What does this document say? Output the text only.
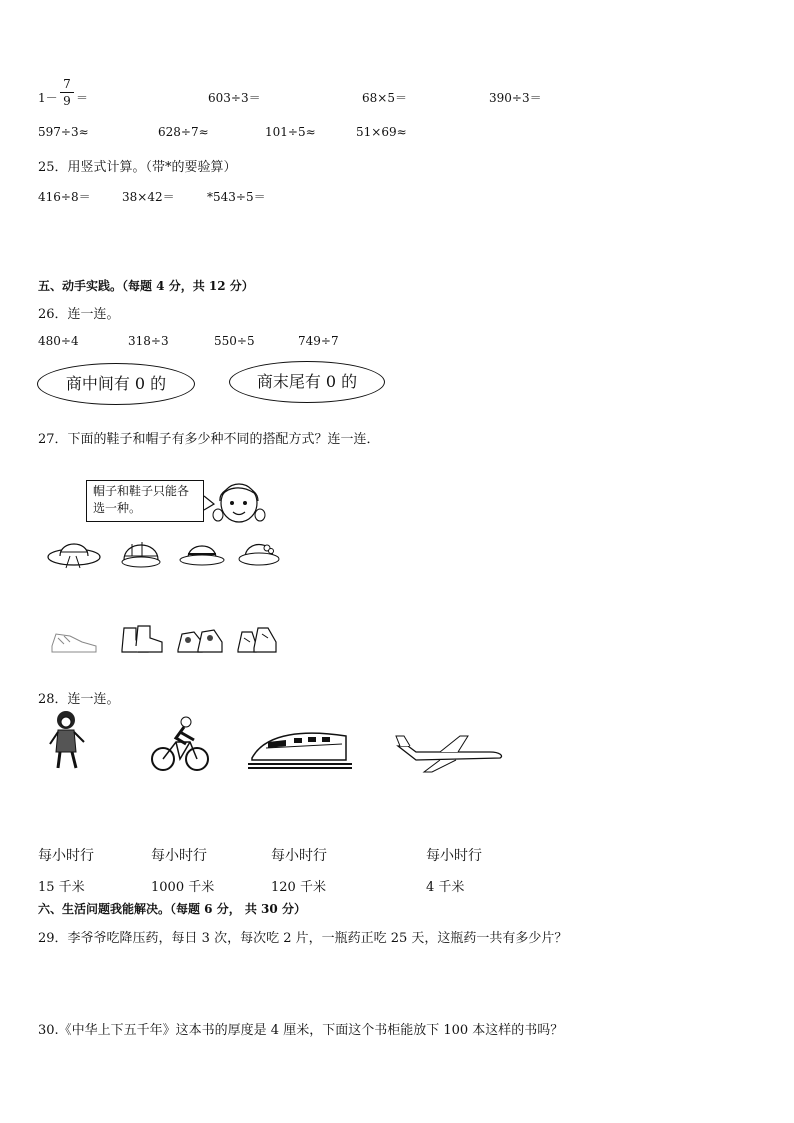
1－
7
9 ＝	603÷3＝	68×5＝	390÷3＝
597÷3≈	628÷7≈	101÷5≈	51×69≈
25．用竖式计算。（带*的要验算）
416÷8＝	38×42＝	*543÷5＝
五、动手实践。（每题 4 分，共 12 分）
26．连一连。
480÷4	318÷3	550÷5	749÷7
商中间有 0 的	商末尾有 0 的
27．下面的鞋子和帽子有多少种不同的搭配方式？连一连．
帽子和鞋子只能各选一种。
28．连一连。
每小时行	每小时行	每小时行	每小时行
15 千米	1000 千米	120 千米	4 千米
六、生活问题我能解决。（每题 6 分， 共 30 分）
29．李爷爷吃降压药，每日 3 次，每次吃 2 片，一瓶药正吃 25 天，这瓶药一共有多少片？
30.《中华上下五千年》这本书的厚度是 4 厘米，下面这个书柜能放下 100 本这样的书吗？
